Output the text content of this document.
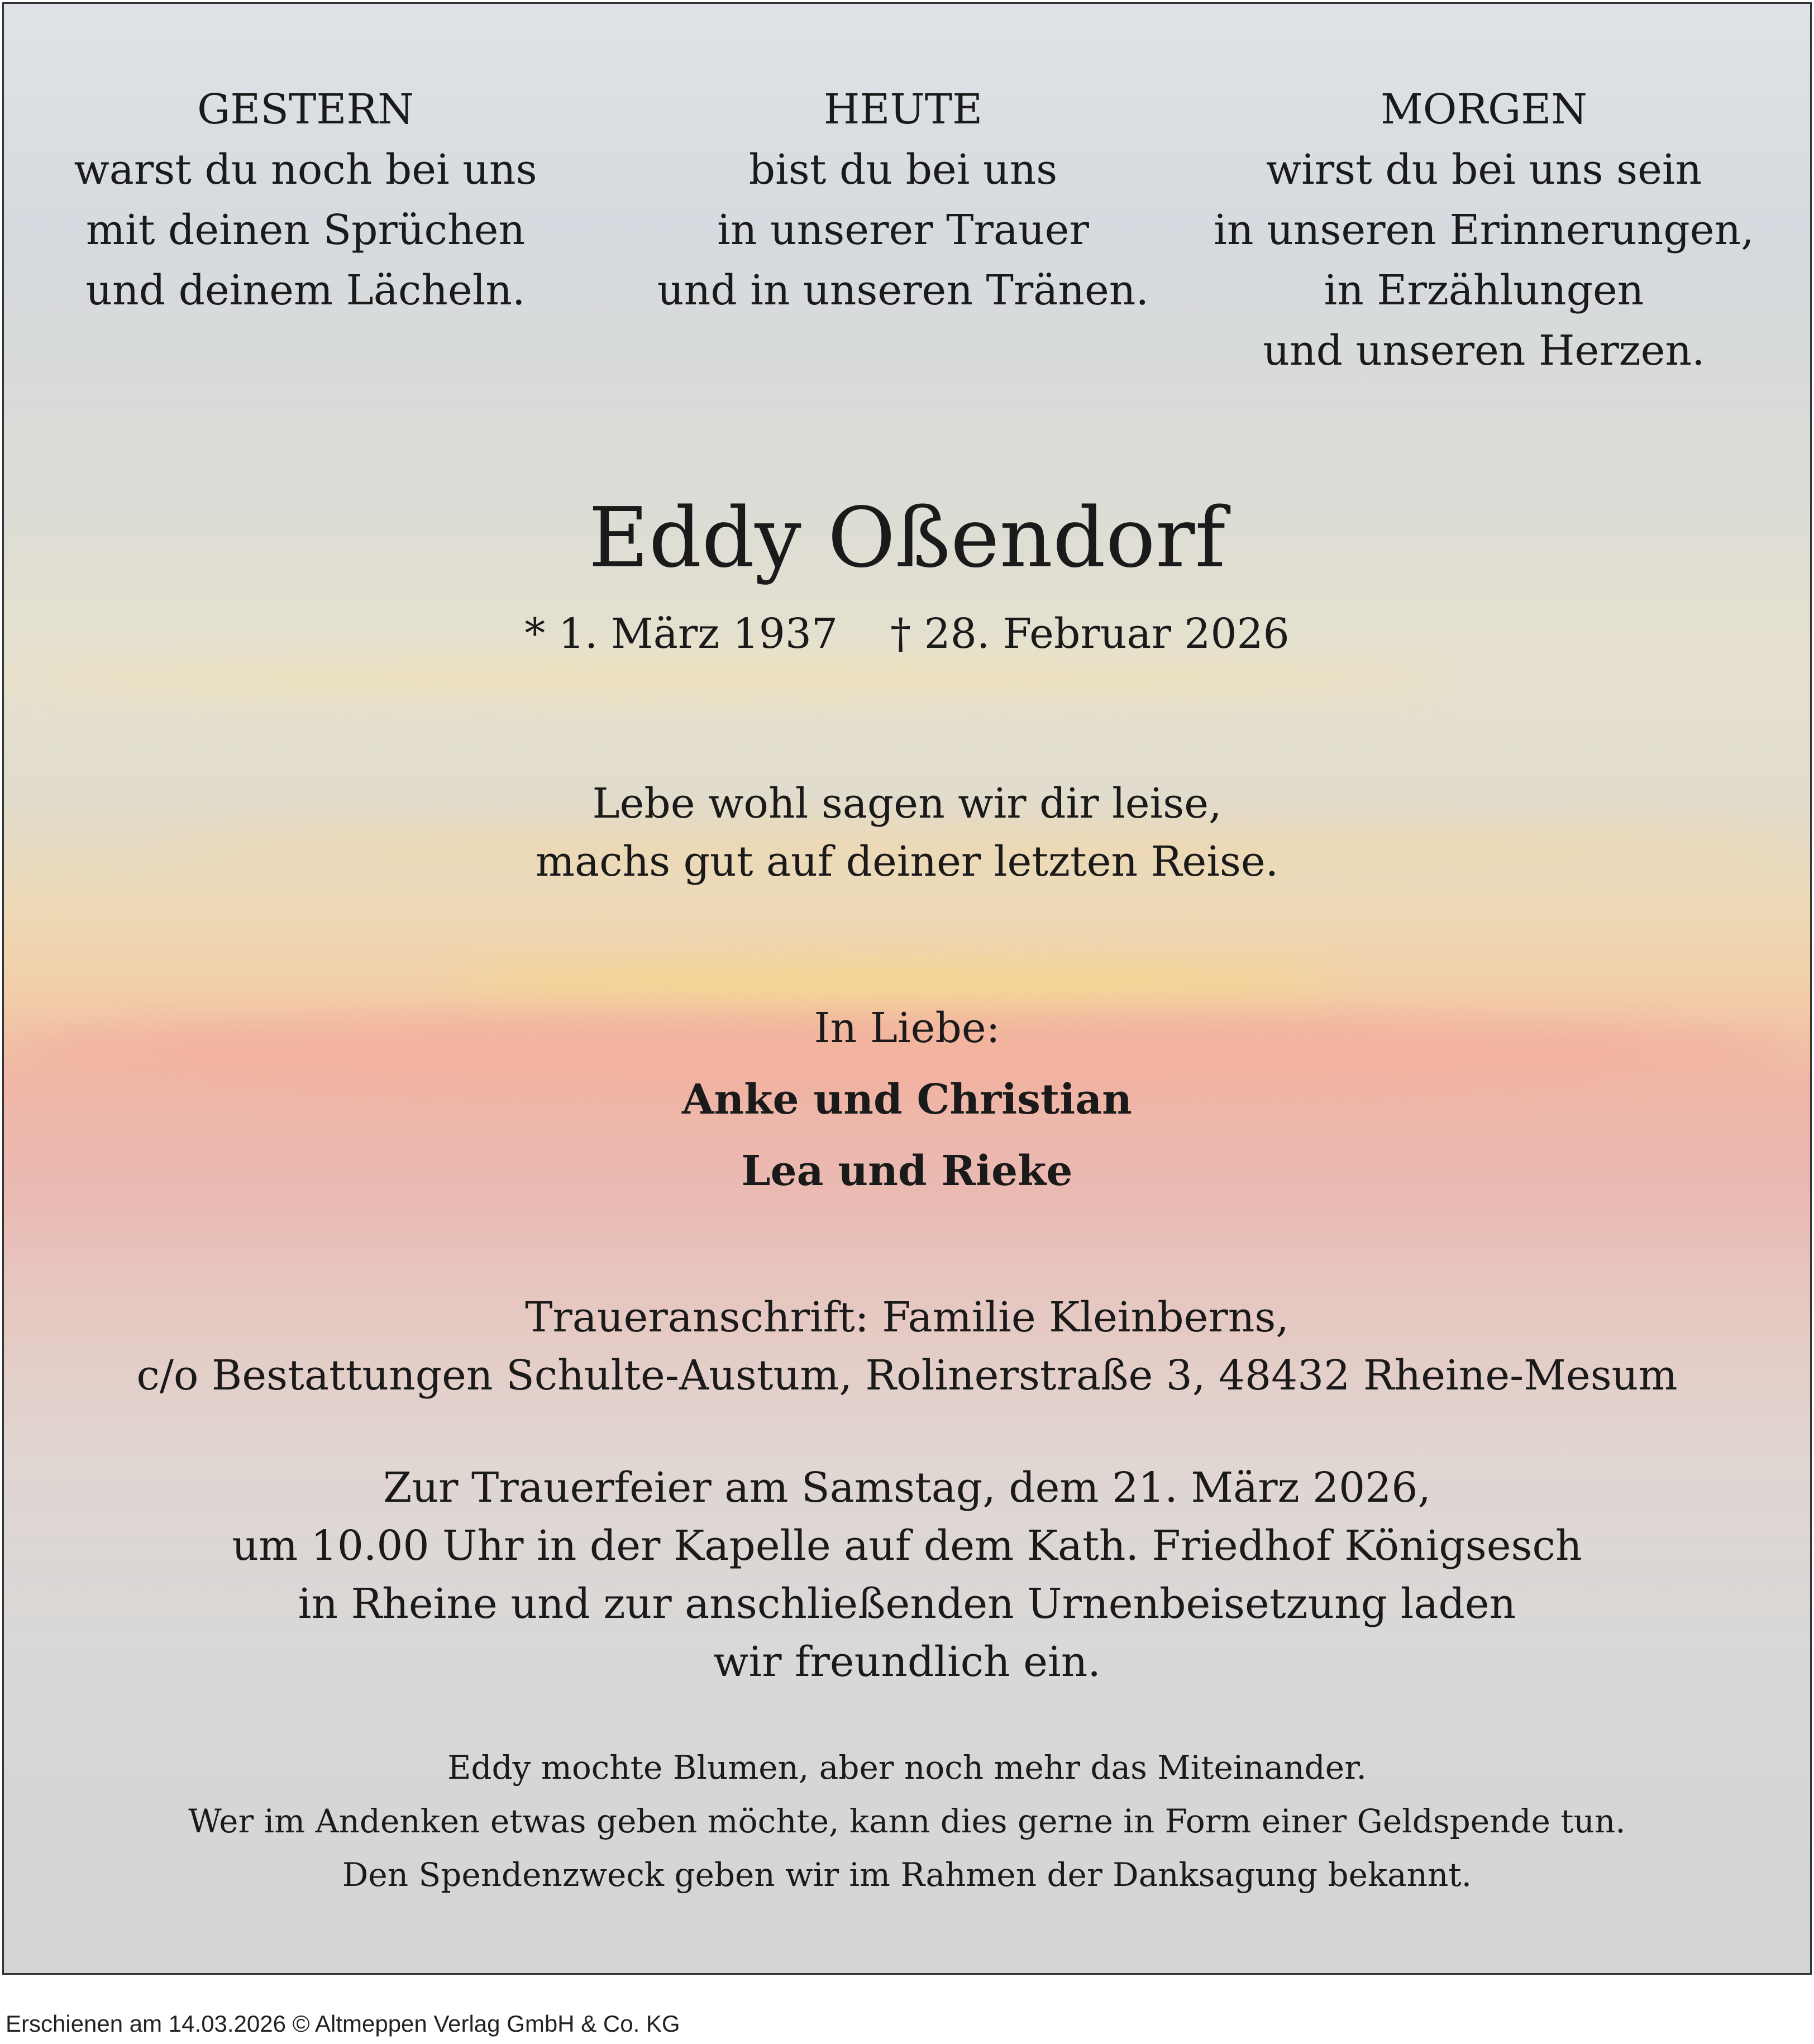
GESTERN
warst du noch bei uns
mit deinen Sprüchen
und deinem Lächeln.
HEUTE
bist du bei uns
in unserer Trauer
und in unseren Tränen.
MORGEN
wirst du bei uns sein
in unseren Erinnerungen,
in Erzählungen
und unseren Herzen.
Eddy Oßendorf
* 1. März 1937    † 28. Februar 2026
Lebe wohl sagen wir dir leise,
machs gut auf deiner letzten Reise.
In Liebe:
Anke und Christian
Lea und Rieke
Traueranschrift: Familie Kleinberns,
c/o Bestattungen Schulte-Austum, Rolinerstraße 3, 48432 Rheine-Mesum
Zur Trauerfeier am Samstag, dem 21. März 2026,
um 10.00 Uhr in der Kapelle auf dem Kath. Friedhof Königsesch
in Rheine und zur anschließenden Urnenbeisetzung laden
wir freundlich ein.
Eddy mochte Blumen, aber noch mehr das Miteinander.
Wer im Andenken etwas geben möchte, kann dies gerne in Form einer Geldspende tun.
Den Spendenzweck geben wir im Rahmen der Danksagung bekannt.
Erschienen am 14.03.2026 © Altmeppen Verlag GmbH & Co. KG
